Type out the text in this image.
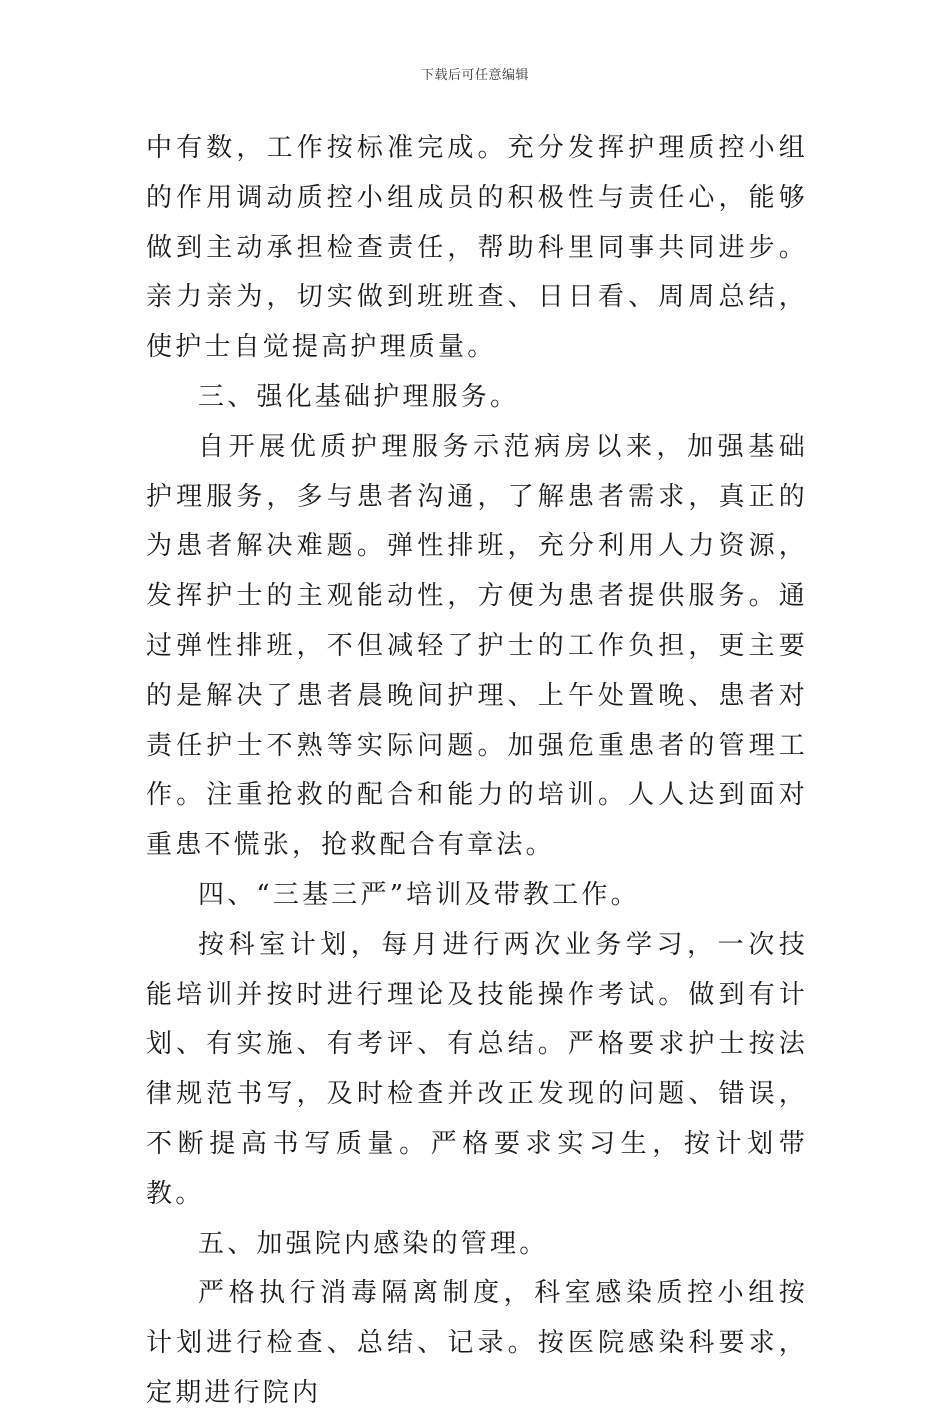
下载后可任意编辑

中有数，工作按标准完成。充分发挥护理质控小组的作用调动质控小组成员的积极性与责任心，能够做到主动承担检查责任，帮助科里同事共同进步。亲力亲为，切实做到班班查、日日看、周周总结，使护士自觉提高护理质量。

三、强化基础护理服务。

自开展优质护理服务示范病房以来，加强基础护理服务，多与患者沟通，了解患者需求，真正的为患者解决难题。弹性排班，充分利用人力资源，发挥护士的主观能动性，方便为患者提供服务。通过弹性排班，不但减轻了护士的工作负担，更主要的是解决了患者晨晚间护理、上午处置晚、患者对责任护士不熟等实际问题。加强危重患者的管理工作。注重抢救的配合和能力的培训。人人达到面对重患不慌张，抢救配合有章法。

四、“三基三严”培训及带教工作。

按科室计划，每月进行两次业务学习，一次技能培训并按时进行理论及技能操作考试。做到有计划、有实施、有考评、有总结。严格要求护士按法律规范书写，及时检查并改正发现的问题、错误，不断提高书写质量。严格要求实习生，按计划带教。

五、加强院内感染的管理。

严格执行消毒隔离制度，科室感染质控小组按计划进行检查、总结、记录。按医院感染科要求，定期进行院内
